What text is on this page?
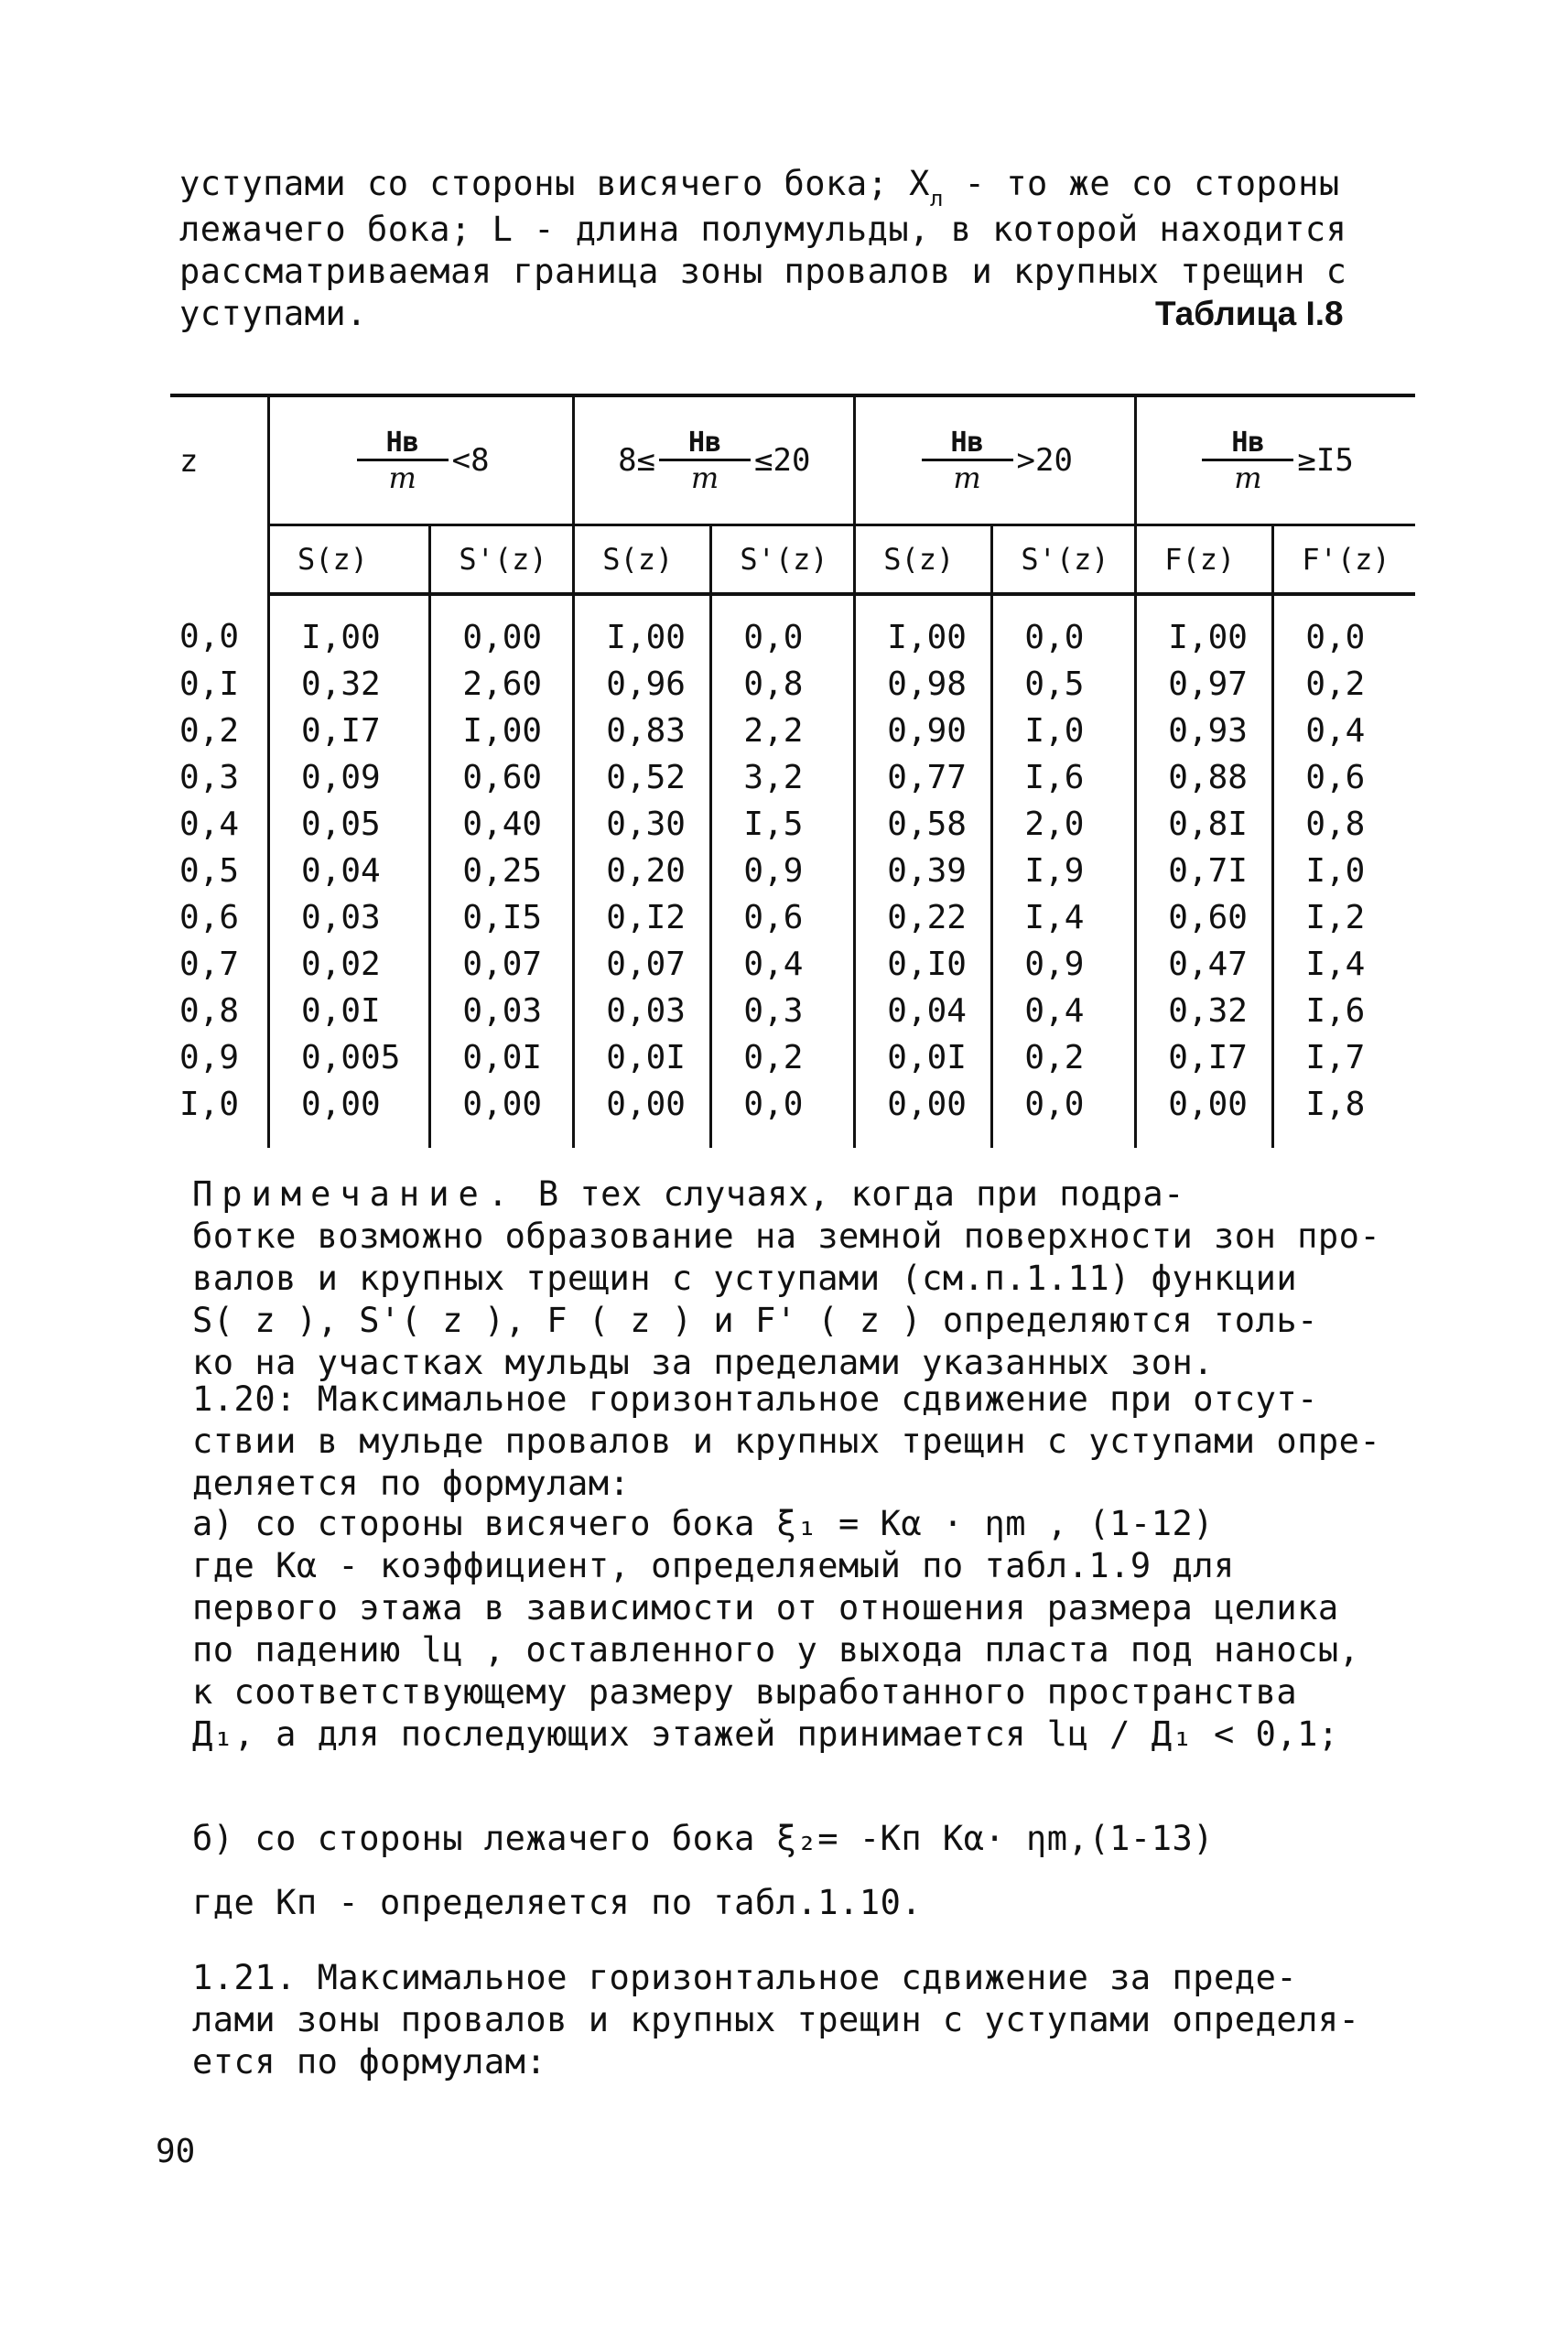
уступами со стороны висячего бока; $X_л$ - то же со стороны
лежачего бока; L - длина полумульды, в которой находится
рассматриваемая граница зоны провалов и крупных трещин с
уступами.	Таблица I.8
z	$\frac{Hв}{m} <8$		$8\le \frac{Hв}{m} \le 20$		$\frac{Hв}{m} >20$		$\frac{Hв}{m} \ge I5$	

	S(z)	S'(z)	S(z)	S'(z)	S(z)	S'(z)	F(z)	F'(z)
0,0	I,00	0,00	I,00	0,0	I,00	0,0	I,00	0,0
0,I	0,32	2,60	0,96	0,8	0,98	0,5	0,97	0,2
0,2	0,I7	I,00	0,83	2,2	0,90	I,0	0,93	0,4
0,3	0,09	0,60	0,52	3,2	0,77	I,6	0,88	0,6
0,4	0,05	0,40	0,30	I,5	0,58	2,0	0,8I	0,8
0,5	0,04	0,25	0,20	0,9	0,39	I,9	0,7I	I,0
0,6	0,03	0,I5	0,I2	0,6	0,22	I,4	0,60	I,2
0,7	0,02	0,07	0,07	0,4	0,I0	0,9	0,47	I,4
0,8	0,0I	0,03	0,03	0,3	0,04	0,4	0,32	I,6
0,9	0,005	0,0I	0,0I	0,2	0,0I	0,2	0,I7	I,7
I,0	0,00	0,00	0,00	0,0	0,00	0,0	0,00	I,8
Примечание. В тех случаях, когда при подра-
ботке возможно образование на земной поверхности зон про-
валов и крупных трещин с уступами (см.п.1.11) функции
S( z ), S'( z ), F ( z ) и F' ( z ) определяются толь-
ко на участках мульды за пределами указанных зон.
1.20: Максимальное горизонтальное сдвижение при отсут-
ствии в мульде провалов и крупных трещин с уступами опре-
деляется по формулам:
а) со стороны висячего бока ξ₁ = Kα · ηm , (1-12)
где Kα - коэффициент, определяемый по табл.1.9 для
первого этажа в зависимости от отношения размера целика
по падению lц , оставленного у выхода пласта под наносы,
к соответствующему размеру выработанного пространства
Д₁, а для последующих этажей принимается lц / Д₁ < 0,1;
б) со стороны лежачего бока ξ₂= -Kп Kα· ηm,(1-13)
где Kп - определяется по табл.1.10.
1.21. Максимальное горизонтальное сдвижение за преде-
лами зоны провалов и крупных трещин с уступами определя-
ется по формулам:
90
